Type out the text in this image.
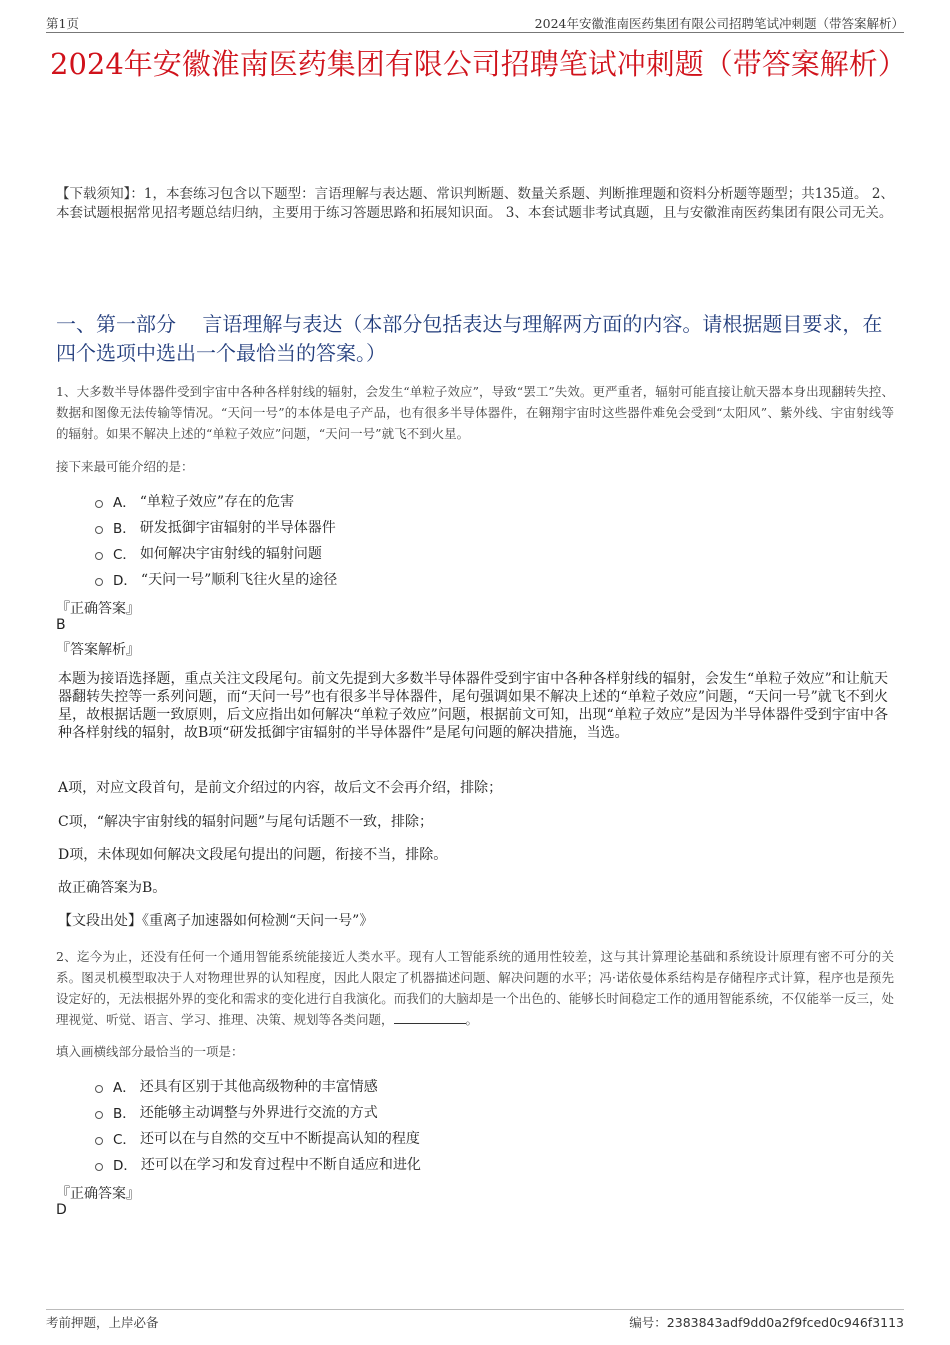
第1页	2024年安徽淮南医药集团有限公司招聘笔试冲刺题（带答案解析）
2024年安徽淮南医药集团有限公司招聘笔试冲刺题（带答案解析）
【下载须知】：1，本套练习包含以下题型：言语理解与表达题、常识判断题、数量关系题、判断推理题和资料分析题等题型；共135道。 2、本套试题根据常见招考题总结归纳，主要用于练习答题思路和拓展知识面。 3、本套试题非考试真题，且与安徽淮南医药集团有限公司无关。
一、第一部分　 言语理解与表达（本部分包括表达与理解两方面的内容。请根据题目要求，在四个选项中选出一个最恰当的答案。）
1、大多数半导体器件受到宇宙中各种各样射线的辐射，会发生“单粒子效应”，导致“罢工”失效。更严重者，辐射可能直接让航天器本身出现翻转失控、数据和图像无法传输等情况。“天问一号”的本体是电子产品，也有很多半导体器件，在翱翔宇宙时这些器件难免会受到“太阳风”、紫外线、宇宙射线等的辐射。如果不解决上述的“单粒子效应”问题，“天问一号”就飞不到火星。
接下来最可能介绍的是：
A． “单粒子效应”存在的危害
B． 研发抵御宇宙辐射的半导体器件
C． 如何解决宇宙射线的辐射问题
D． “天问一号”顺利飞往火星的途径
『正确答案』
B
『答案解析』
本题为接语选择题，重点关注文段尾句。前文先提到大多数半导体器件受到宇宙中各种各样射线的辐射，会发生“单粒子效应”和让航天器翻转失控等一系列问题，而“天问一号”也有很多半导体器件，尾句强调如果不解决上述的“单粒子效应”问题，“天问一号”就飞不到火星，故根据话题一致原则，后文应指出如何解决“单粒子效应”问题，根据前文可知，出现“单粒子效应”是因为半导体器件受到宇宙中各种各样射线的辐射，故B项“研发抵御宇宙辐射的半导体器件”是尾句问题的解决措施，当选。
A项，对应文段首句，是前文介绍过的内容，故后文不会再介绍，排除；
C项，“解决宇宙射线的辐射问题”与尾句话题不一致，排除；
D项，未体现如何解决文段尾句提出的问题，衔接不当，排除。
故正确答案为B。
【文段出处】《重离子加速器如何检测“天问一号”》
2、迄今为止，还没有任何一个通用智能系统能接近人类水平。现有人工智能系统的通用性较差，这与其计算理论基础和系统设计原理有密不可分的关系。图灵机模型取决于人对物理世界的认知程度，因此人限定了机器描述问题、解决问题的水平；冯·诺依曼体系结构是存储程序式计算，程序也是预先设定好的，无法根据外界的变化和需求的变化进行自我演化。而我们的大脑却是一个出色的、能够长时间稳定工作的通用智能系统，不仅能举一反三，处理视觉、听觉、语言、学习、推理、决策、规划等各类问题，	。
填入画横线部分最恰当的一项是：
A． 还具有区别于其他高级物种的丰富情感
B． 还能够主动调整与外界进行交流的方式
C． 还可以在与自然的交互中不断提高认知的程度
D． 还可以在学习和发育过程中不断自适应和进化
『正确答案』
D
考前押题，上岸必备	编号：2383843adf9dd0a2f9fced0c946f3113
